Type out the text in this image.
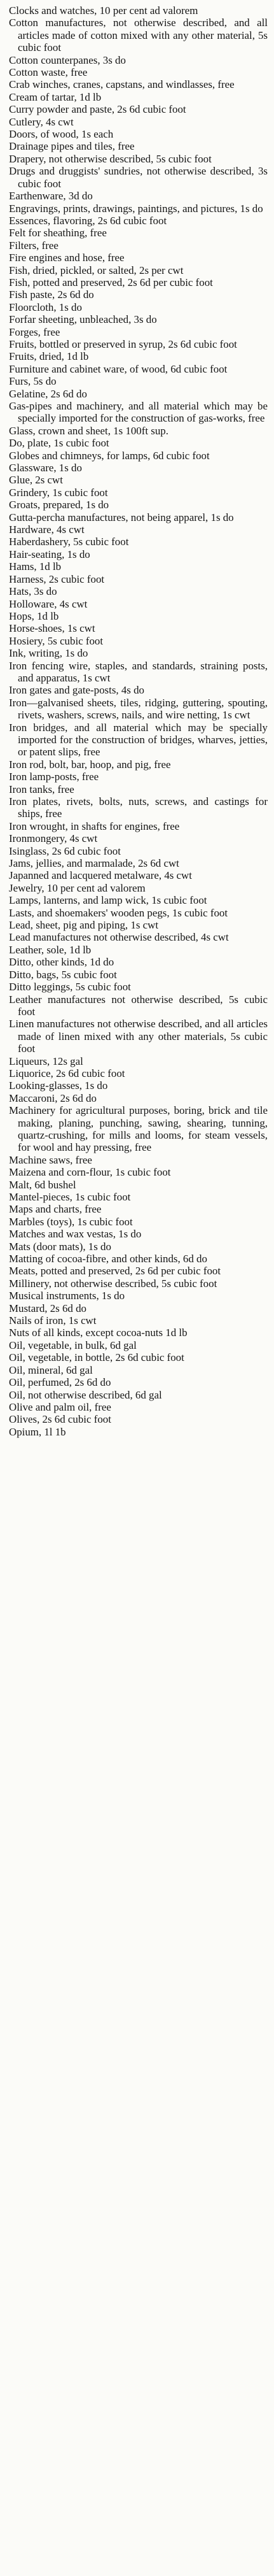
Clocks and watches, 10 per cent ad valorem

Cotton manufactures, not otherwise described, and all articles made of cotton mixed with any other material, 5s cubic foot

Cotton counterpanes, 3s do

Cotton waste, free

Crab winches, cranes, capstans, and windlasses, free

Cream of tartar, 1d lb

Curry powder and paste, 2s 6d cubic foot

Cutlery, 4s cwt

Doors, of wood, 1s each

Drainage pipes and tiles, free

Drapery, not otherwise described, 5s cubic foot

Drugs and druggists' sundries, not otherwise described, 3s cubic foot

Earthenware, 3d do

Engravings, prints, drawings, paintings, and pictures, 1s do

Essences, flavoring, 2s 6d cubic foot

Felt for sheathing, free

Filters, free

Fire engines and hose, free

Fish, dried, pickled, or salted, 2s per cwt

Fish, potted and preserved, 2s 6d per cubic foot

Fish paste, 2s 6d do

Floorcloth, 1s do

Forfar sheeting, unbleached, 3s do

Forges, free

Fruits, bottled or preserved in syrup, 2s 6d cubic foot

Fruits, dried, 1d lb

Furniture and cabinet ware, of wood, 6d cubic foot

Furs, 5s do

Gelatine, 2s 6d do

Gas-pipes and machinery, and all material which may be specially imported for the construction of gas-works, free

Glass, crown and sheet, 1s 100ft sup.

Do, plate, 1s cubic foot

Globes and chimneys, for lamps, 6d cubic foot

Glassware, 1s do

Glue, 2s cwt

Grindery, 1s cubic foot

Groats, prepared, 1s do

Gutta-percha manufactures, not being apparel, 1s do

Hardware, 4s cwt

Haberdashery, 5s cubic foot

Hair-seating, 1s do

Hams, 1d lb

Harness, 2s cubic foot

Hats, 3s do

Holloware, 4s cwt

Hops, 1d lb

Horse-shoes, 1s cwt

Hosiery, 5s cubic foot

Ink, writing, 1s do

Iron fencing wire, staples, and standards, straining posts, and apparatus, 1s cwt

Iron gates and gate-posts, 4s do

Iron—galvanised sheets, tiles, ridging, guttering, spouting, rivets, washers, screws, nails, and wire netting, 1s cwt

Iron bridges, and all material which may be specially imported for the construction of bridges, wharves, jetties, or patent slips, free

Iron rod, bolt, bar, hoop, and pig, free

Iron lamp-posts, free

Iron tanks, free

Iron plates, rivets, bolts, nuts, screws, and castings for ships, free

Iron wrought, in shafts for engines, free

Ironmongery, 4s cwt

Isinglass, 2s 6d cubic foot

Jams, jellies, and marmalade, 2s 6d cwt

Japanned and lacquered metalware, 4s cwt

Jewelry, 10 per cent ad valorem

Lamps, lanterns, and lamp wick, 1s cubic foot

Lasts, and shoemakers' wooden pegs, 1s cubic foot

Lead, sheet, pig and piping, 1s cwt

Lead manufactures not otherwise described, 4s cwt

Leather, sole, 1d lb

Ditto, other kinds, 1d do

Ditto, bags, 5s cubic foot

Ditto leggings, 5s cubic foot

Leather manufactures not otherwise described, 5s cubic foot

Linen manufactures not otherwise described, and all articles made of linen mixed with any other materials, 5s cubic foot

Liqueurs, 12s gal

Liquorice, 2s 6d cubic foot

Looking-glasses, 1s do

Maccaroni, 2s 6d do

Machinery for agricultural purposes, boring, brick and tile making, planing, punching, sawing, shearing, tunning, quartz-crushing, for mills and looms, for steam vessels, for wool and hay pressing, free

Machine saws, free

Maizena and corn-flour, 1s cubic foot

Malt, 6d bushel

Mantel-pieces, 1s cubic foot

Maps and charts, free

Marbles (toys), 1s cubic foot

Matches and wax vestas, 1s do

Mats (door mats), 1s do

Matting of cocoa-fibre, and other kinds, 6d do

Meats, potted and preserved, 2s 6d per cubic foot

Millinery, not otherwise described, 5s cubic foot

Musical instruments, 1s do

Mustard, 2s 6d do

Nails of iron, 1s cwt

Nuts of all kinds, except cocoa-nuts 1d lb

Oil, vegetable, in bulk, 6d gal

Oil, vegetable, in bottle, 2s 6d cubic foot

Oil, mineral, 6d gal

Oil, perfumed, 2s 6d do

Oil, not otherwise described, 6d gal

Olive and palm oil, free

Olives, 2s 6d cubic foot

Opium, 1l 1b
